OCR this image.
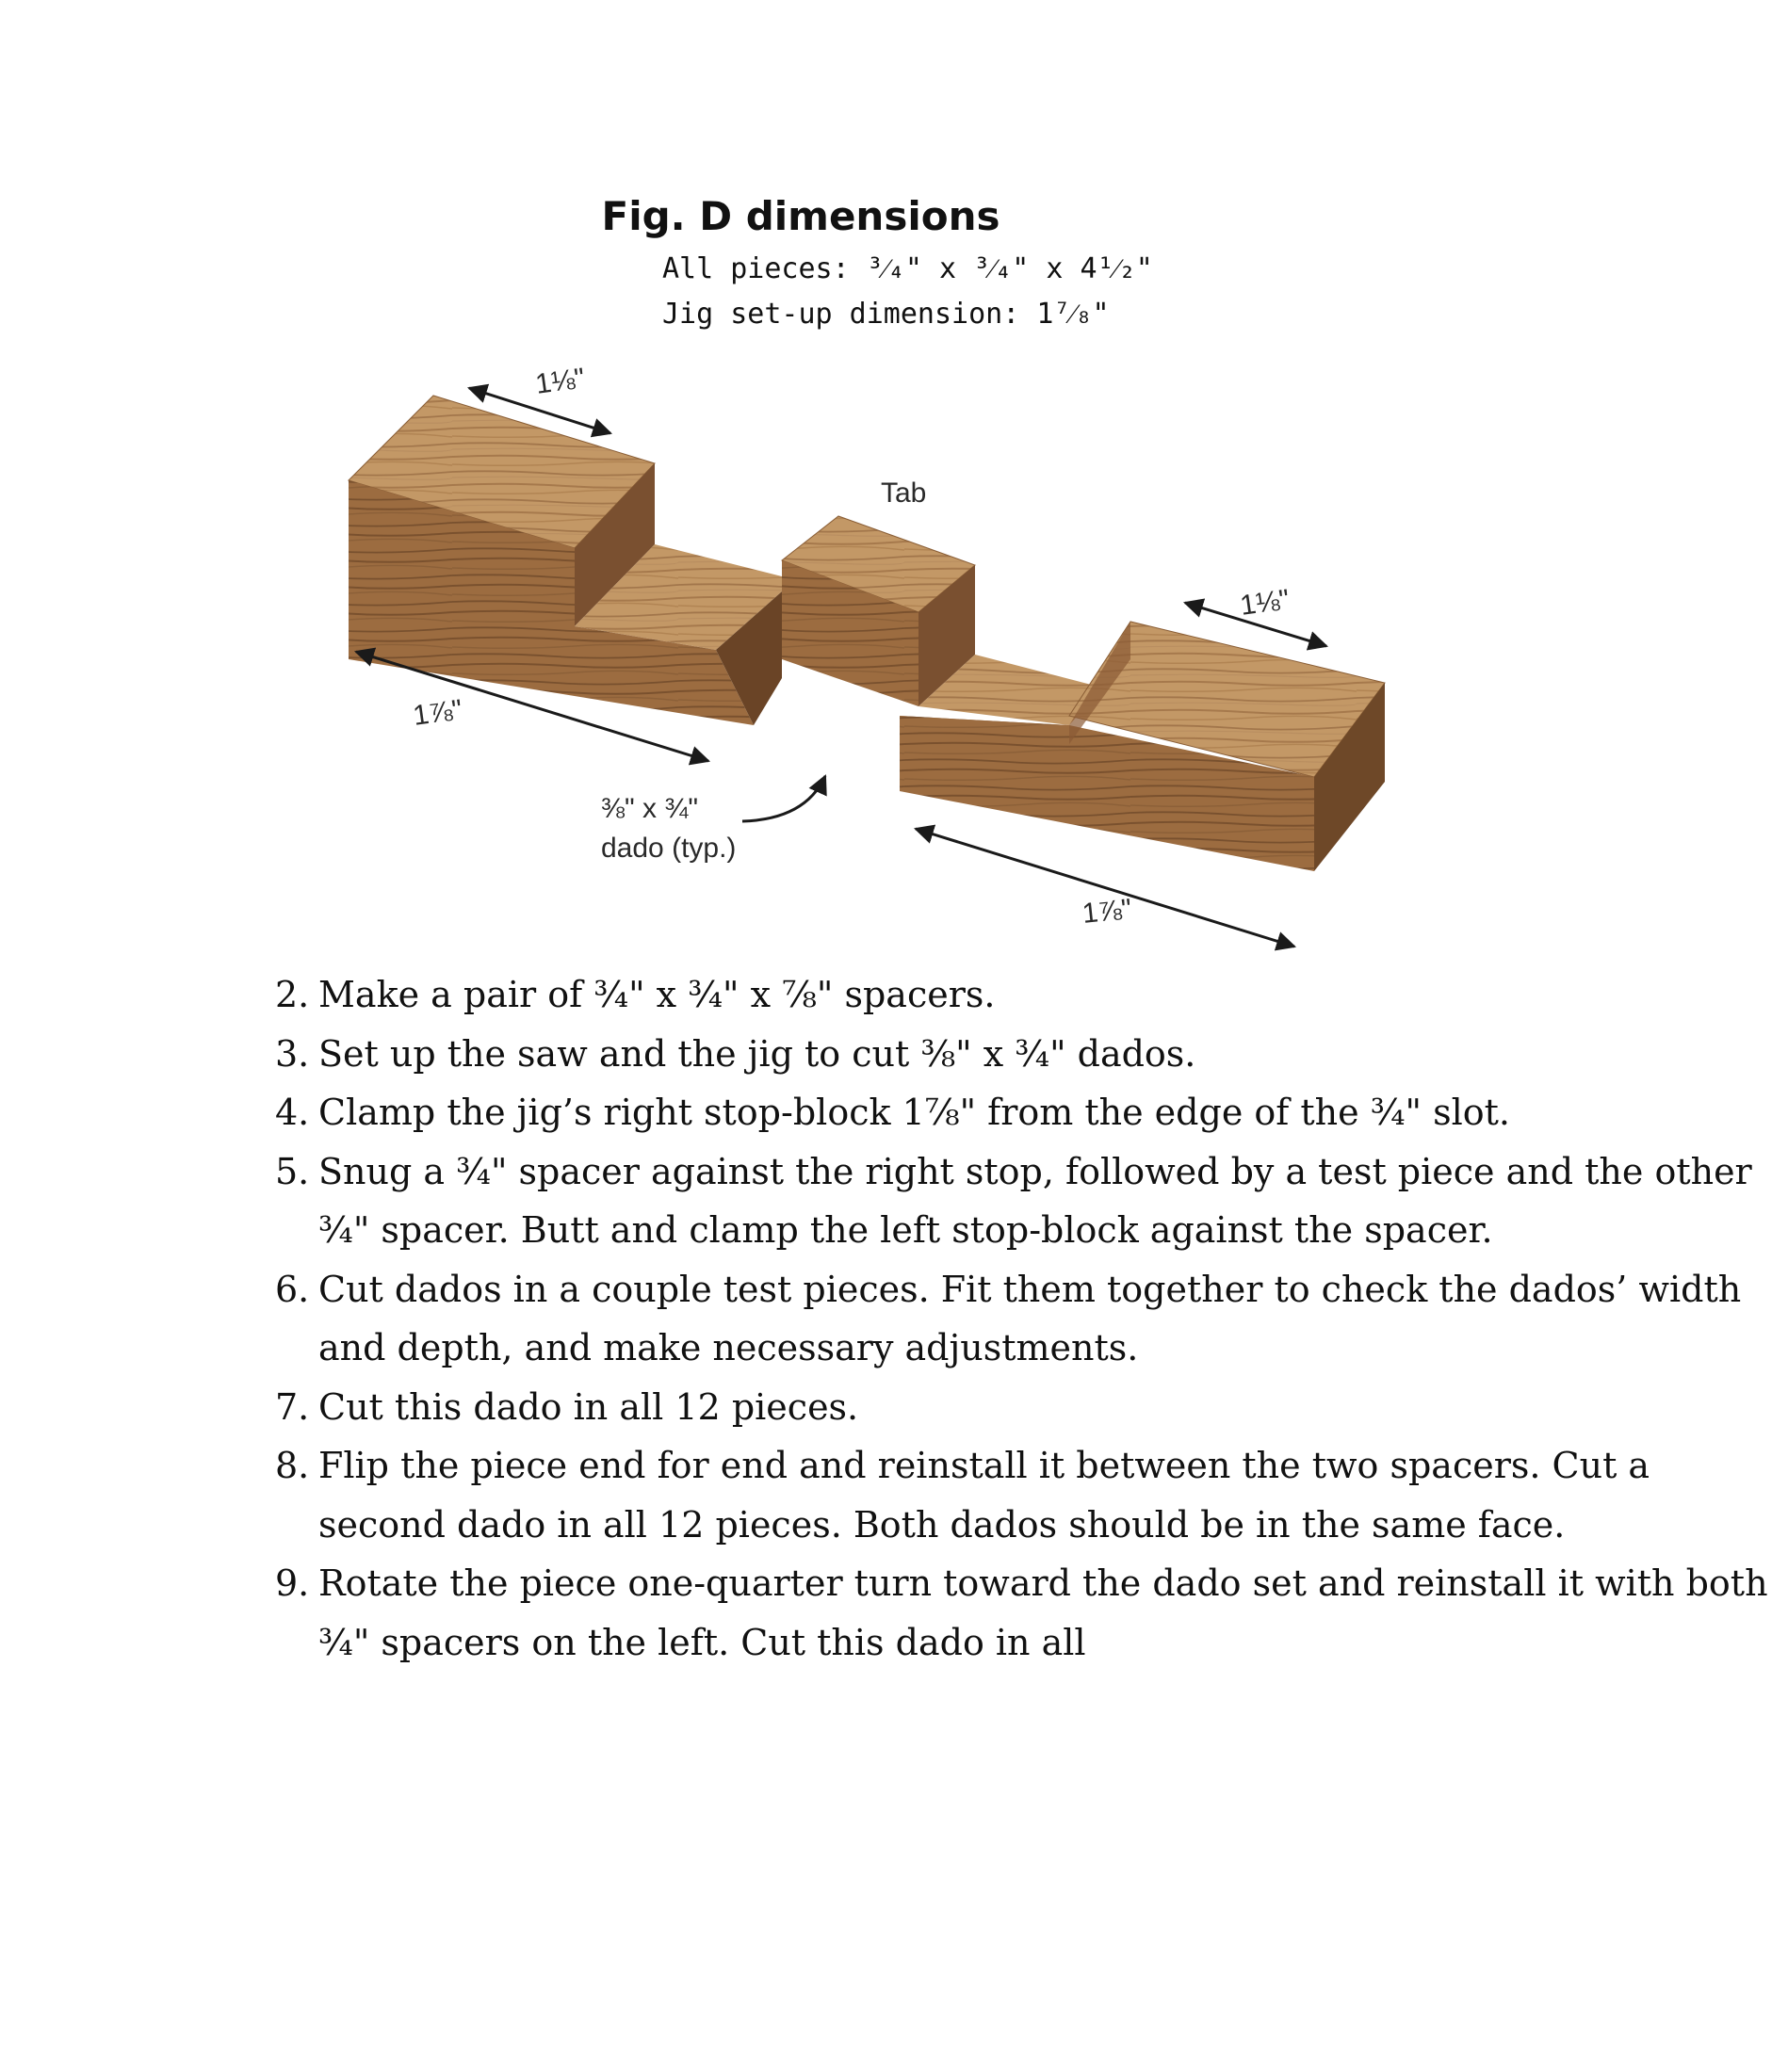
Fig. D dimensions

All pieces: ³⁄₄" x ³⁄₄" x 4¹⁄₂"

Jig set-up dimension: 1⁷⁄₈"

1⅛"
Tab
1⅛"
1⅞"
⅜" x ¾"
dado (typ.)
1⅞"
2. Make a pair of ¾" x ¾" x ⅞" spacers.
3. Set up the saw and the jig to cut ⅜" x ¾" dados.
4. Clamp the jig’s right stop-block 1⅞" from the edge of the ¾" slot.
5. Snug a ¾" spacer against the right stop, followed by a test piece and the other ¾" spacer. Butt and clamp the left stop-block against the spacer.
6. Cut dados in a couple test pieces. Fit them together to check the dados’ width and depth, and make necessary adjustments.
7. Cut this dado in all 12 pieces.
8. Flip the piece end for end and reinstall it between the two spacers. Cut a second dado in all 12 pieces. Both dados should be in the same face.
9. Rotate the piece one-quarter turn toward the dado set and reinstall it with both ¾" spacers on the left. Cut this dado in all
